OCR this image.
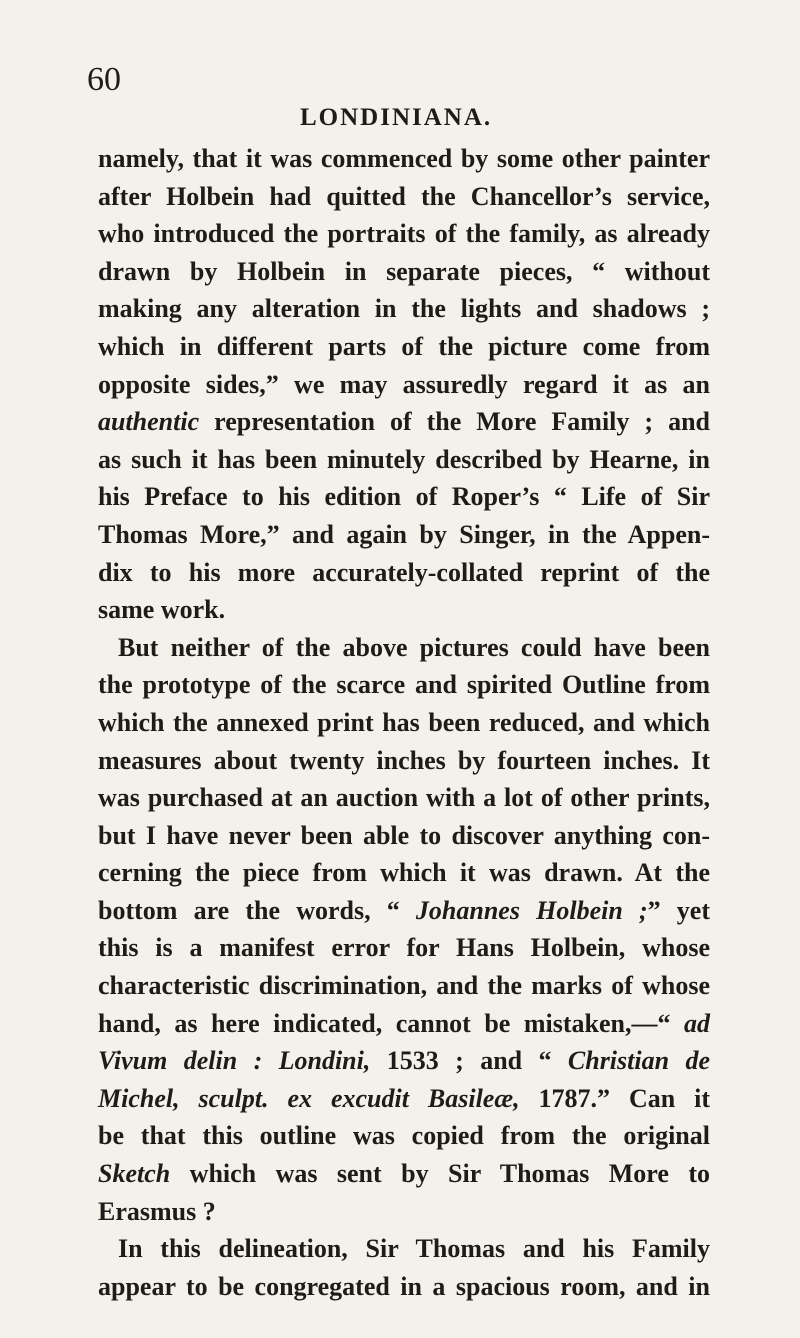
60
LONDINIANA.
namely, that it was commenced by some other painter
after Holbein had quitted the Chancellor’s service,
who introduced the portraits of the family, as already
drawn by Holbein in separate pieces, “ without
making any alteration in the lights and shadows ;
which in different parts of the picture come from
opposite sides,” we may assuredly regard it as an
authentic representation of the More Family ; and
as such it has been minutely described by Hearne, in
his Preface to his edition of Roper’s “ Life of Sir
Thomas More,” and again by Singer, in the Appen-
dix to his more accurately-collated reprint of the
same work.
But neither of the above pictures could have been
the prototype of the scarce and spirited Outline from
which the annexed print has been reduced, and which
measures about twenty inches by fourteen inches. It
was purchased at an auction with a lot of other prints,
but I have never been able to discover anything con-
cerning the piece from which it was drawn. At the
bottom are the words, “ Johannes Holbein ;” yet
this is a manifest error for Hans Holbein, whose
characteristic discrimination, and the marks of whose
hand, as here indicated, cannot be mistaken,—“ ad
Vivum delin : Londini, 1533 ; and “ Christian de
Michel, sculpt. ex excudit Basileæ, 1787.” Can it
be that this outline was copied from the original
Sketch which was sent by Sir Thomas More to
Erasmus ?
In this delineation, Sir Thomas and his Family
appear to be congregated in a spacious room, and in
